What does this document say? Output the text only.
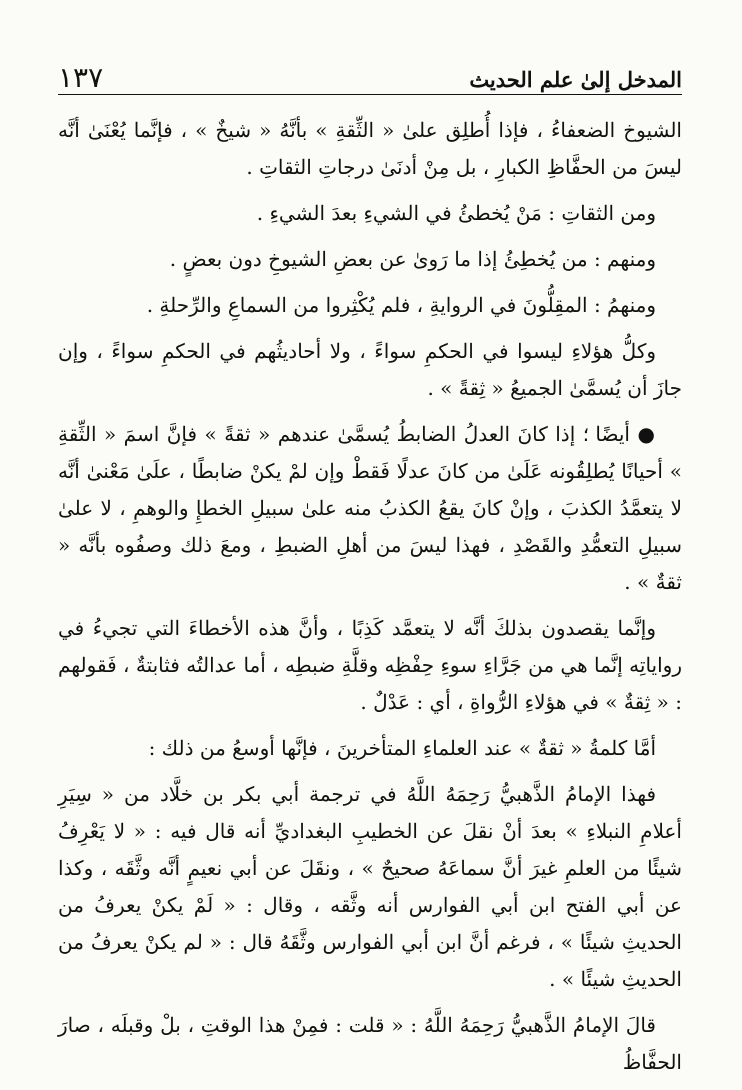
١٣٧	المدخل إلىٰ علم الحديث

الشيوخ الضعفاءُ ، فإذا أُطلِق علىٰ « الثِّقةِ » بأنَّهُ « شيخٌ » ، فإنَّما يُعْنَىٰ أنَّه ليسَ من الحفَّاظِ الكبارِ ، بل مِنْ أدنَىٰ درجاتِ الثقاتِ .

ومن الثقاتِ : مَنْ يُخطئُ في الشيءِ بعدَ الشيءِ .

ومنهم : من يُخطِئُ إذا ما رَوىٰ عن بعضِ الشيوخِ دون بعضٍ .

ومنهمُ : المقِلُّونَ في الروايةِ ، فلم يُكْثِروا من السماعِ والرِّحلةِ .

وكلُّ هؤلاءِ ليسوا في الحكمِ سواءً ، ولا أحاديثُهم في الحكمِ سواءً ، وإن جازَ أن يُسمَّىٰ الجميعُ « ثِقةً » .

● أيضًا ؛ إذا كانَ العدلُ الضابطُ يُسمَّىٰ عندهم « ثقةً » فإنَّ اسمَ « الثِّقةِ » أحيانًا يُطلِقُونه عَلَىٰ من كانَ عدلًا فَقطْ وإن لمْ يكنْ ضابطًا ، علَىٰ مَعْنىٰ أنَّه لا يتعمَّدُ الكذبَ ، وإنْ كانَ يقعُ الكذبُ منه علىٰ سبيلِ الخطإِ والوهمِ ، لا علىٰ سبيلِ التعمُّدِ والقَصْدِ ، فهذا ليسَ من أهلِ الضبطِ ، ومعَ ذلك وصفُوه بأنَّه « ثقةٌ » .

وإنَّما يقصدون بذلكَ أنَّه لا يتعمَّد كَذِبًا ، وأنَّ هذه الأخطاءَ التي تجيءُ في رواياتِه إنَّما هي من جَرَّاءِ سوءِ حِفْظِه وقلَّةِ ضبطِه ، أما عدالتُه فثابتةٌ ، فَقولهم : « ثِقةٌ » في هؤلاءِ الرُّواةِ ، أي : عَدْلٌ .

أمَّا كلمةُ « ثقةٌ » عند العلماءِ المتأخرينَ ، فإنَّها أوسعُ من ذلك :

فهذا الإمامُ الذَّهبيُّ رَحِمَهُ اللَّهُ في ترجمة أبي بكر بن خلَّاد من « سِيَرِ أعلامِ النبلاءِ » بعدَ أنْ نقلَ عن الخطيبِ البغداديِّ أنه قال فيه : « لا يَعْرِفُ شيئًا من العلمِ غيرَ أنَّ سماعَهُ صحيحٌ » ، ونقَلَ عن أبي نعيمٍ أنَّه وثَّقَه ، وكذا عن أبي الفتح ابن أبي الفوارس أنه وثَّقه ، وقال : « لَمْ يكنْ يعرفُ من الحديثِ شيئًا » ، فرغم أنَّ ابن أبي الفوارس وثَّقَهُ قال : « لم يكنْ يعرفُ من الحديثِ شيئًا » .

قالَ الإمامُ الذَّهبيُّ رَحِمَهُ اللَّهُ : « قلت : فمِنْ هذا الوقتِ ، بلْ وقبلَه ، صارَ الحفَّاظُ
